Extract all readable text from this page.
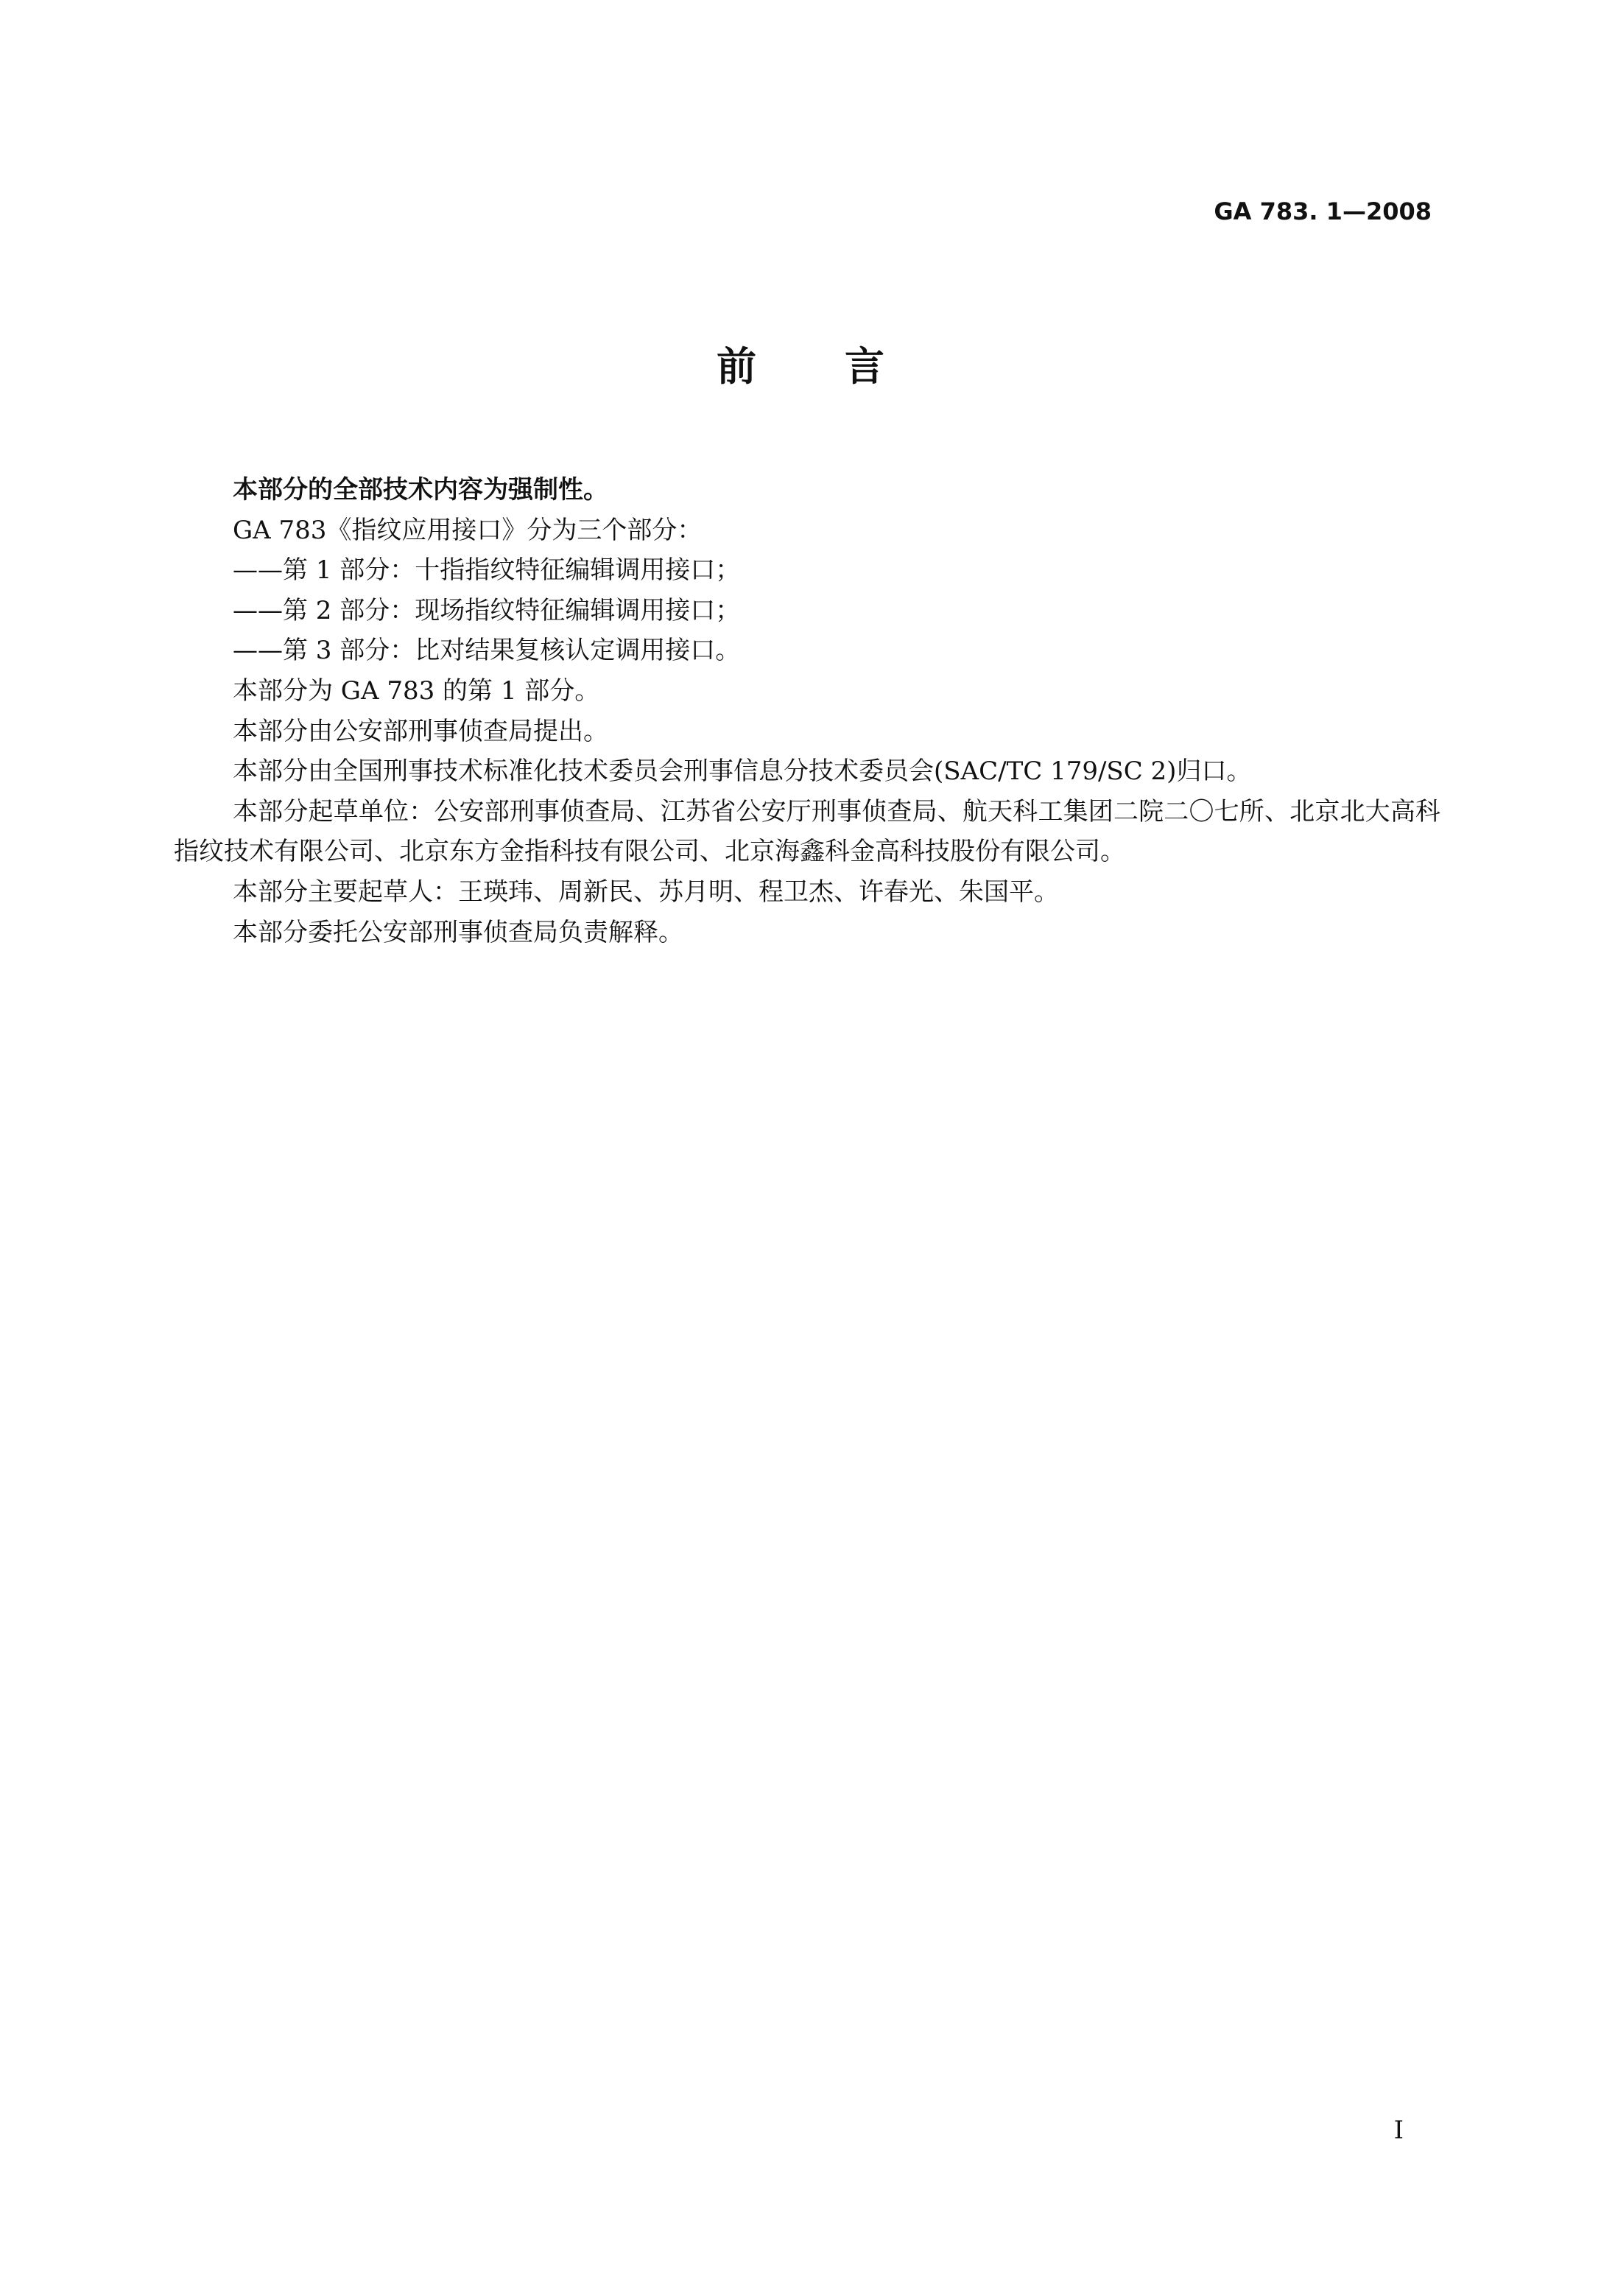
GA 783. 1—2008
前言

本部分的全部技术内容为强制性。

GA 783《指纹应用接口》分为三个部分：

——第 1 部分：十指指纹特征编辑调用接口；

——第 2 部分：现场指纹特征编辑调用接口；

——第 3 部分：比对结果复核认定调用接口。

本部分为 GA 783 的第 1 部分。

本部分由公安部刑事侦查局提出。

本部分由全国刑事技术标准化技术委员会刑事信息分技术委员会(SAC/TC 179/SC 2)归口。

本部分起草单位：公安部刑事侦查局、江苏省公安厅刑事侦查局、航天科工集团二院二〇七所、北京北大高科指纹技术有限公司、北京东方金指科技有限公司、北京海鑫科金高科技股份有限公司。

本部分主要起草人：王瑛玮、周新民、苏月明、程卫杰、许春光、朱国平。

本部分委托公安部刑事侦查局负责解释。

I
